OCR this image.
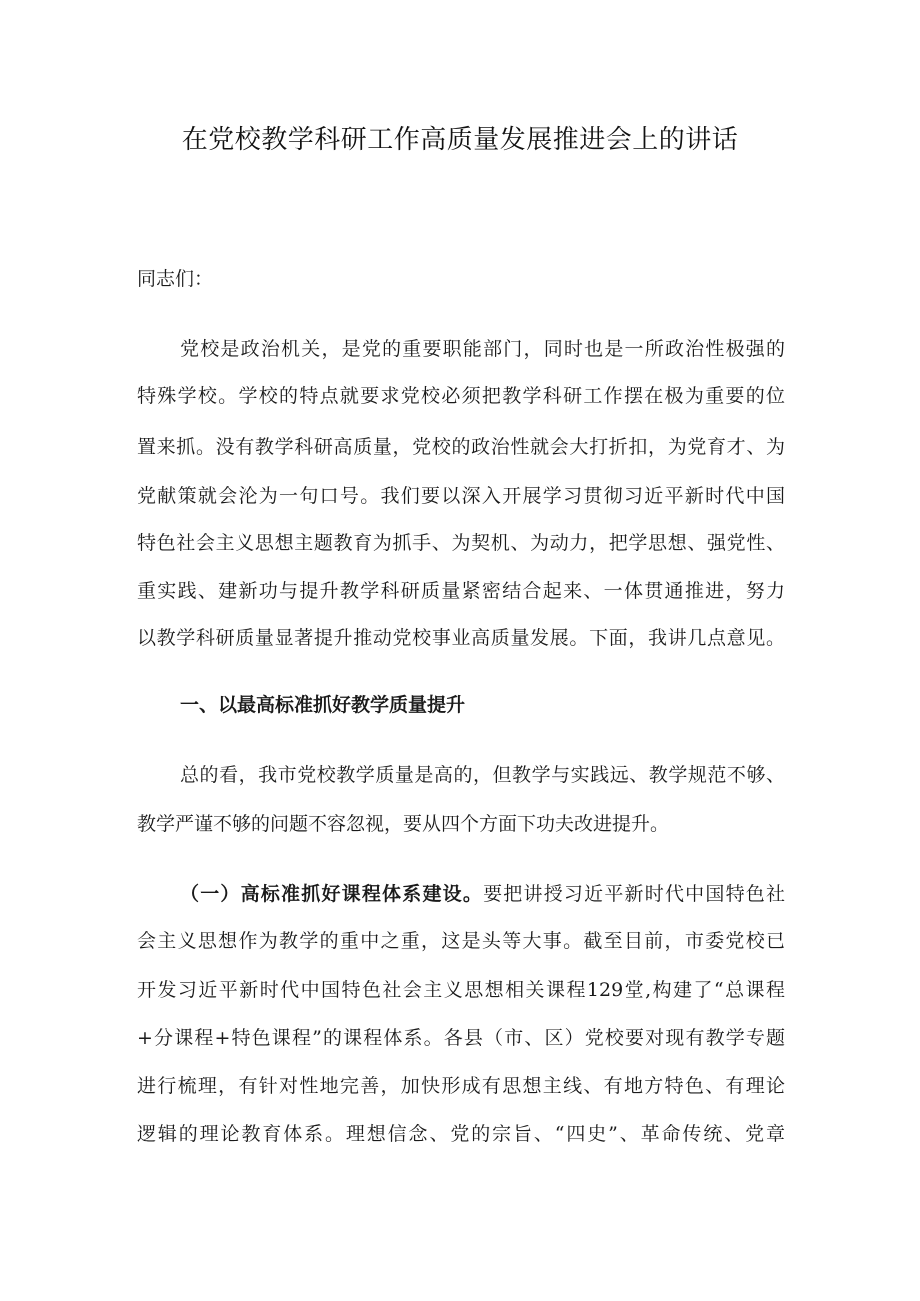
在党校教学科研工作高质量发展推进会上的讲话
同志们：
党校是政治机关，是党的重要职能部门，同时也是一所政治性极强的
特殊学校。学校的特点就要求党校必须把教学科研工作摆在极为重要的位
置来抓。没有教学科研高质量，党校的政治性就会大打折扣，为党育才、为
党献策就会沦为一句口号。我们要以深入开展学习贯彻习近平新时代中国
特色社会主义思想主题教育为抓手、为契机、为动力，把学思想、强党性、
重实践、建新功与提升教学科研质量紧密结合起来、一体贯通推进，努力
以教学科研质量显著提升推动党校事业高质量发展。下面，我讲几点意见。
一、以最高标准抓好教学质量提升
总的看，我市党校教学质量是高的，但教学与实践远、教学规范不够、
教学严谨不够的问题不容忽视，要从四个方面下功夫改进提升。
（一）高标准抓好课程体系建设。要把讲授习近平新时代中国特色社
会主义思想作为教学的重中之重，这是头等大事。截至目前，市委党校已
开发习近平新时代中国特色社会主义思想相关课程129堂,构建了“总课程
+分课程+特色课程”的课程体系。各县（市、区）党校要对现有教学专题
进行梳理，有针对性地完善，加快形成有思想主线、有地方特色、有理论
逻辑的理论教育体系。理想信念、党的宗旨、“四史”、革命传统、党章
